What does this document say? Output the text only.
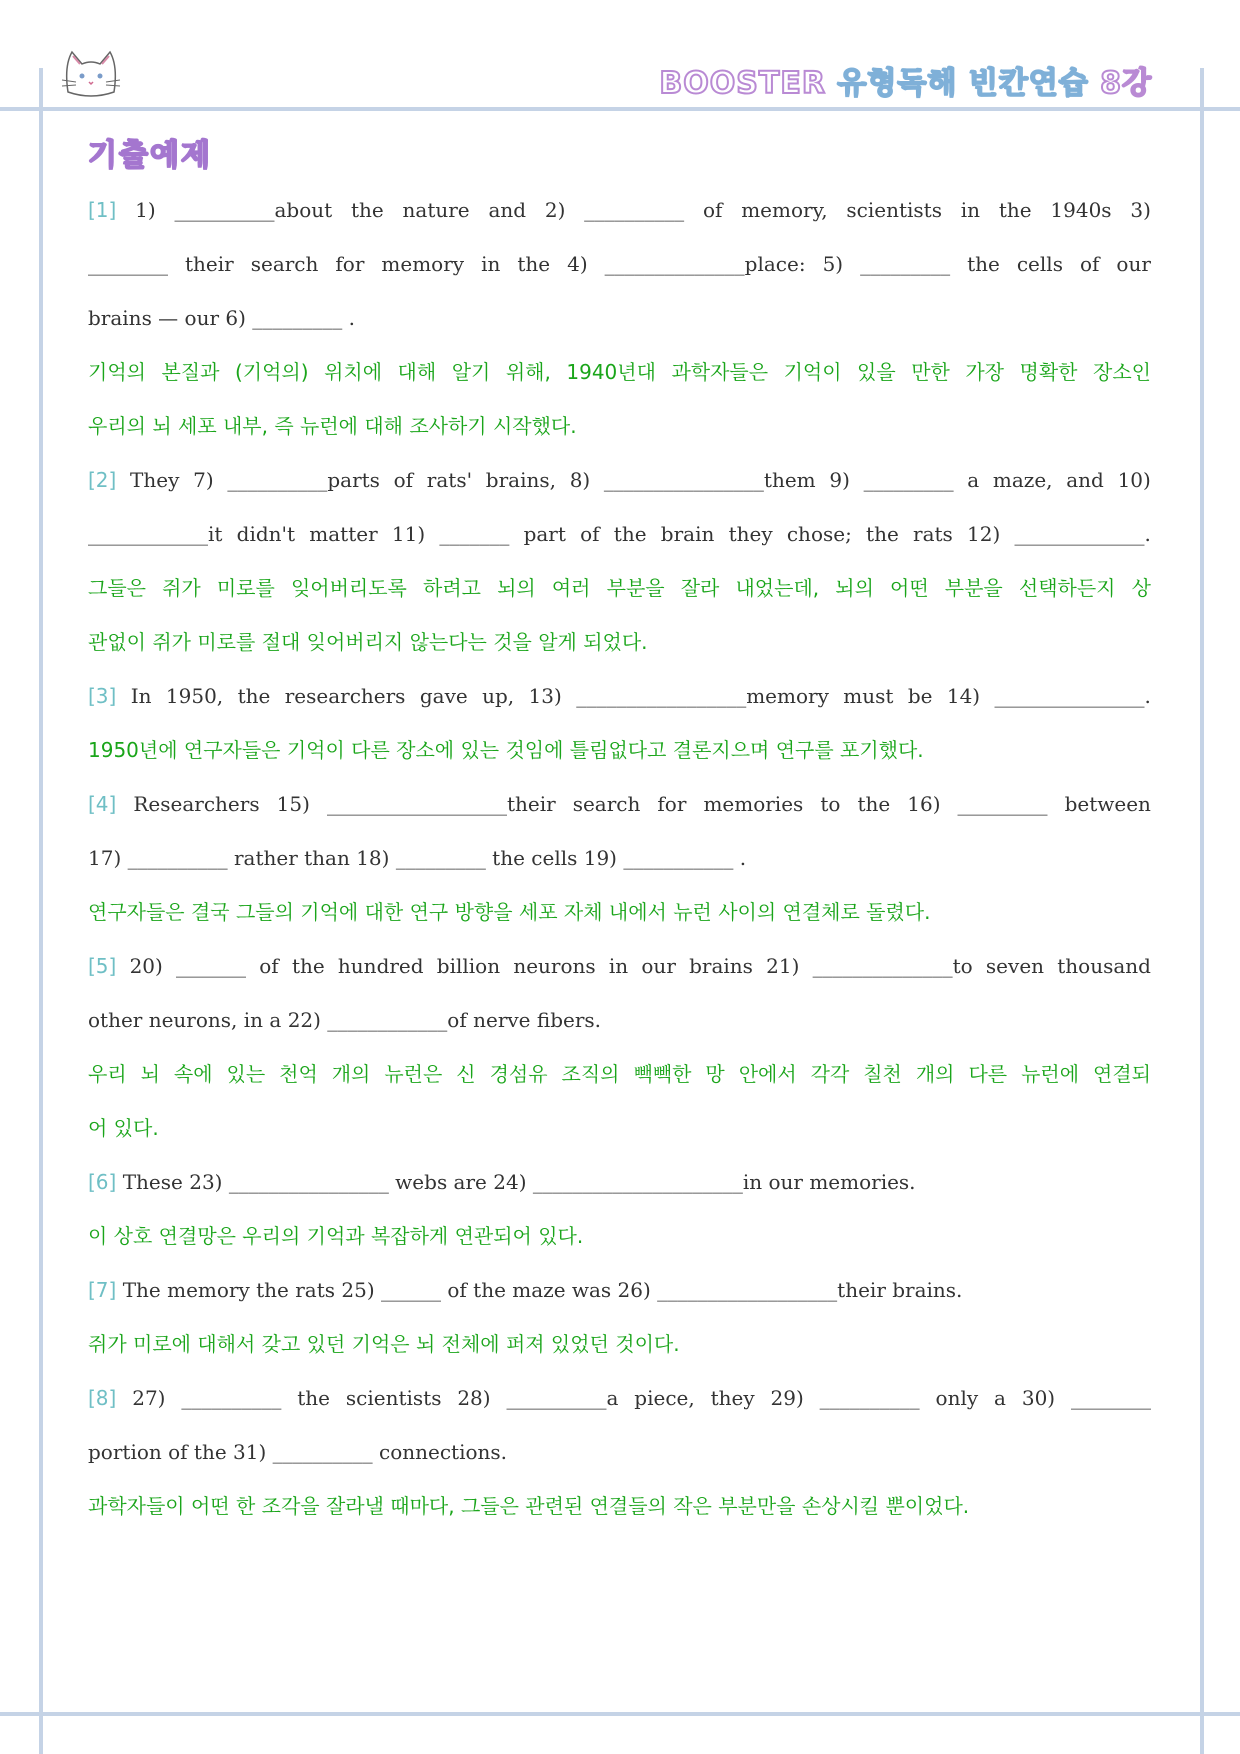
BOOSTER 유형독해 빈칸연습 8강
기출예제
[1] 1) __________about the nature and 2) __________ of memory, scientists in the 1940s 3)
________ their search for memory in the 4) ______________place: 5) _________ the cells of our
brains — our 6) _________ .
기억의 본질과 (기억의) 위치에 대해 알기 위해, 1940년대 과학자들은 기억이 있을 만한 가장 명확한 장소인
우리의 뇌 세포 내부, 즉 뉴런에 대해 조사하기 시작했다.
[2] They 7) __________parts of rats' brains, 8) ________________them 9) _________ a maze, and 10)
____________it didn't matter 11) _______ part of the brain they chose; the rats 12) _____________.
그들은 쥐가 미로를 잊어버리도록 하려고 뇌의 여러 부분을 잘라 내었는데, 뇌의 어떤 부분을 선택하든지 상
관없이 쥐가 미로를 절대 잊어버리지 않는다는 것을 알게 되었다.
[3] In 1950, the researchers gave up, 13) _________________memory must be 14) _______________.
1950년에 연구자들은 기억이 다른 장소에 있는 것임에 틀림없다고 결론지으며 연구를 포기했다.
[4] Researchers 15) __________________their search for memories to the 16) _________ between
17) __________ rather than 18) _________ the cells 19) ___________ .
연구자들은 결국 그들의 기억에 대한 연구 방향을 세포 자체 내에서 뉴런 사이의 연결체로 돌렸다.
[5] 20) _______ of the hundred billion neurons in our brains 21) ______________to seven thousand
other neurons, in a 22) ____________of nerve fibers.
우리 뇌 속에 있는 천억 개의 뉴런은 신 경섬유 조직의 빽빽한 망 안에서 각각 칠천 개의 다른 뉴런에 연결되
어 있다.
[6] These 23) ________________ webs are 24) _____________________in our memories.
이 상호 연결망은 우리의 기억과 복잡하게 연관되어 있다.
[7] The memory the rats 25) ______ of the maze was 26) __________________their brains.
쥐가 미로에 대해서 갖고 있던 기억은 뇌 전체에 퍼져 있었던 것이다.
[8] 27) __________ the scientists 28) __________a piece, they 29) __________ only a 30) ________
portion of the 31) __________ connections.
과학자들이 어떤 한 조각을 잘라낼 때마다, 그들은 관련된 연결들의 작은 부분만을 손상시킬 뿐이었다.
